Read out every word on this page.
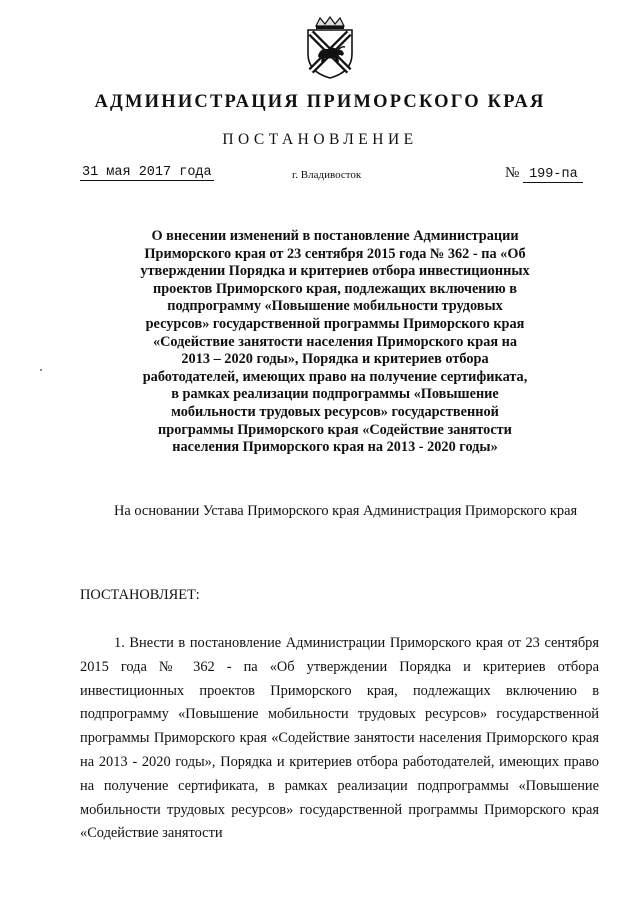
АДМИНИСТРАЦИЯ ПРИМОРСКОГО КРАЯ
ПОСТАНОВЛЕНИЕ
31 мая 2017 года	г. Владивосток	№ 199-па
О внесении изменений в постановление Администрации Приморского края от 23 сентября 2015 года № 362 - па «Об утверждении Порядка и критериев отбора инвестиционных проектов Приморского края, подлежащих включению в подпрограмму «Повышение мобильности трудовых ресурсов» государственной программы Приморского края «Содействие занятости населения Приморского края на 2013 – 2020 годы», Порядка и критериев отбора работодателей, имеющих право на получение сертификата, в рамках реализации подпрограммы «Повышение мобильности трудовых ресурсов» государственной программы Приморского края «Содействие занятости населения Приморского края на 2013 - 2020 годы»
На основании Устава Приморского края Администрация Приморского края
ПОСТАНОВЛЯЕТ:
1. Внести в постановление Администрации Приморского края от 23 сентября 2015 года № 362 - па «Об утверждении Порядка и критериев отбора инвестиционных проектов Приморского края, подлежащих включению в подпрограмму «Повышение мобильности трудовых ресурсов» государственной программы Приморского края «Содействие занятости населения Приморского края на 2013 - 2020 годы», Порядка и критериев отбора работодателей, имеющих право на получение сертификата, в рамках реализации подпрограммы «Повышение мобильности трудовых ресурсов» государственной программы Приморского края «Содействие занятости
